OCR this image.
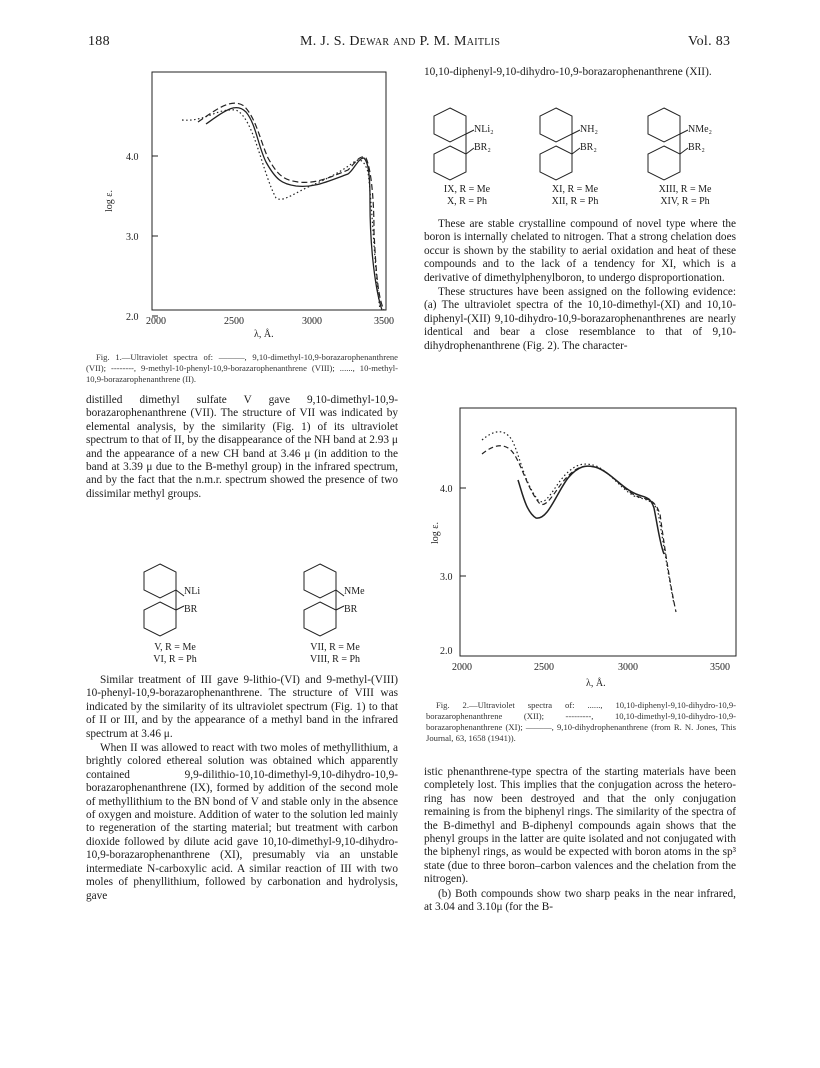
188	M. J. S. Dewar and P. M. Maitlis	Vol. 83
4.0
3.0
2.0
log ε.
2000	2500	3000	3500
λ, Å.

Fig. 1.—Ultraviolet spectra of: ———, 9,10-dimethyl-10,9-borazarophenanthrene (VII); --------, 9-methyl-10-phenyl-10,9-borazarophenanthrene (VIII); ......, 10-methyl-10,9-borazarophenanthrene (II).

distilled dimethyl sulfate V gave 9,10-dimethyl-10,9-borazarophenanthrene (VII). The structure of VII was indicated by elemental analysis, by the similarity (Fig. 1) of its ultraviolet spectrum to that of II, by the disappearance of the NH band at 2.93 μ and the appearance of a new CH band at 3.46 μ (in addition to the band at 3.39 μ due to the B-methyl group) in the infrared spectrum, and by the fact that the n.m.r. spectrum showed the presence of two dissimilar methyl groups.

NLi
BR
V, R = Me
VI, R = Ph
NMe
BR
VII, R = Me
VIII, R = Ph

Similar treatment of III gave 9-lithio-(VI) and 9-methyl-(VIII) 10-phenyl-10,9-borazarophenanthrene. The structure of VIII was indicated by the similarity of its ultraviolet spectrum (Fig. 1) to that of II or III, and by the appearance of a methyl band in the infrared spectrum at 3.46 μ.

When II was allowed to react with two moles of methyllithium, a brightly colored ethereal solution was obtained which apparently contained 9,9-dilithio-10,10-dimethyl-9,10-dihydro-10,9-borazarophenanthrene (IX), formed by addition of the second mole of methyllithium to the BN bond of V and stable only in the absence of oxygen and moisture. Addition of water to the solution led mainly to regeneration of the starting material; but treatment with carbon dioxide followed by dilute acid gave 10,10-dimethyl-9,10-dihydro-10,9-borazarophenanthrene (XI), presumably via an unstable intermediate N-carboxylic acid. A similar reaction of III with two moles of phenyllithium, followed by carbonation and hydrolysis, gave

10,10-diphenyl-9,10-dihydro-10,9-borazarophenanthrene (XII).

NLi₂
BR₂
IX, R = Me
X, R = Ph
NH₂
BR₂
XI, R = Me
XII, R = Ph
NMe₂
BR₂
XIII, R = Me
XIV, R = Ph

These are stable crystalline compound of novel type where the boron is internally chelated to nitrogen. That a strong chelation does occur is shown by the stability to aerial oxidation and heat of these compounds and to the lack of a tendency for XI, which is a derivative of dimethylphenylboron, to undergo disproportionation.

These structures have been assigned on the following evidence: (a) The ultraviolet spectra of the 10,10-dimethyl-(XI) and 10,10-diphenyl-(XII) 9,10-dihydro-10,9-borazarophenanthrenes are nearly identical and bear a close resemblance to that of 9,10-dihydrophenanthrene (Fig. 2). The character-

4.0
3.0
2.0
log ε.
2000	2500	3000	3500
λ, Å.

Fig. 2.—Ultraviolet spectra of: ......, 10,10-diphenyl-9,10-dihydro-10,9-borazarophenanthrene (XII); ---------, 10,10-dimethyl-9,10-dihydro-10,9-borazarophenanthrene (XI); ———, 9,10-dihydrophenanthrene (from R. N. Jones, This Journal, 63, 1658 (1941)).

istic phenanthrene-type spectra of the starting materials have been completely lost. This implies that the conjugation across the hetero-ring has now been destroyed and that the only conjugation remaining is from the biphenyl rings. The similarity of the spectra of the B-dimethyl and B-diphenyl compounds again shows that the phenyl groups in the latter are quite isolated and not conjugated with the biphenyl rings, as would be expected with boron atoms in the sp³ state (due to three boron–carbon valences and the chelation from the nitrogen).

(b) Both compounds show two sharp peaks in the near infrared, at 3.04 and 3.10μ (for the B-
